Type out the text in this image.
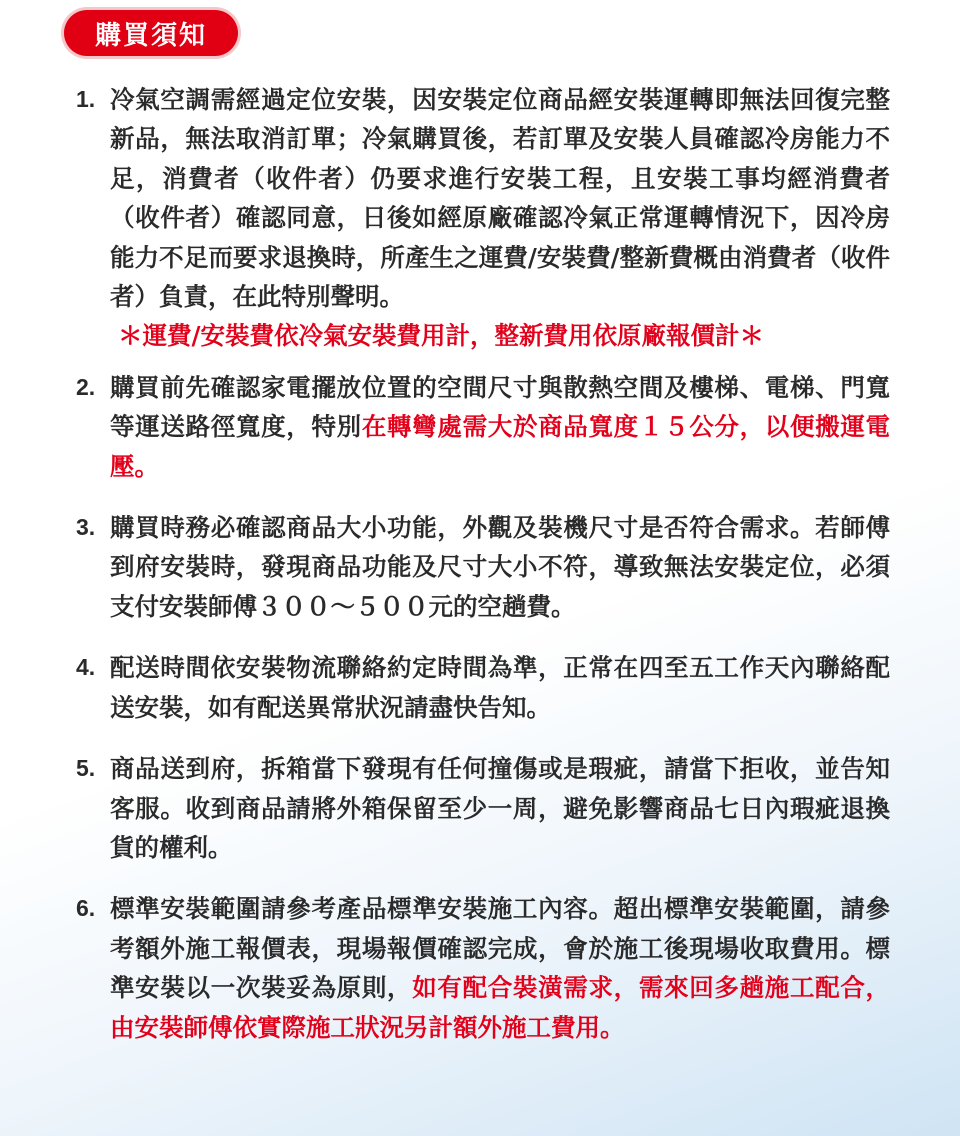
購買須知
1. 冷氣空調需經過定位安裝，因安裝定位商品經安裝運轉即無法回復完整新品，無法取消訂單；冷氣購買後，若訂單及安裝人員確認冷房能力不足，消費者（收件者）仍要求進行安裝工程，且安裝工事均經消費者（收件者）確認同意，日後如經原廠確認冷氣正常運轉情況下，因冷房能力不足而要求退換時，所產生之運費/安裝費/整新費概由消費者（收件者）負責，在此特別聲明。
＊運費/安裝費依冷氣安裝費用計，整新費用依原廠報價計＊
2. 購買前先確認家電擺放位置的空間尺寸與散熱空間及樓梯、電梯、門寬等運送路徑寬度，特別在轉彎處需大於商品寬度１５公分，以便搬運電壓。
3. 購買時務必確認商品大小功能，外觀及裝機尺寸是否符合需求。若師傅到府安裝時，發現商品功能及尺寸大小不符，導致無法安裝定位，必須支付安裝師傅３００～５００元的空趟費。
4. 配送時間依安裝物流聯絡約定時間為準，正常在四至五工作天內聯絡配送安裝，如有配送異常狀況請盡快告知。
5. 商品送到府，拆箱當下發現有任何撞傷或是瑕疵，請當下拒收，並告知客服。收到商品請將外箱保留至少一周，避免影響商品七日內瑕疵退換貨的權利。
6. 標準安裝範圍請參考產品標準安裝施工內容。超出標準安裝範圍，請參考額外施工報價表，現場報價確認完成，會於施工後現場收取費用。標準安裝以一次裝妥為原則，如有配合裝潢需求，需來回多趟施工配合，由安裝師傅依實際施工狀況另計額外施工費用。
